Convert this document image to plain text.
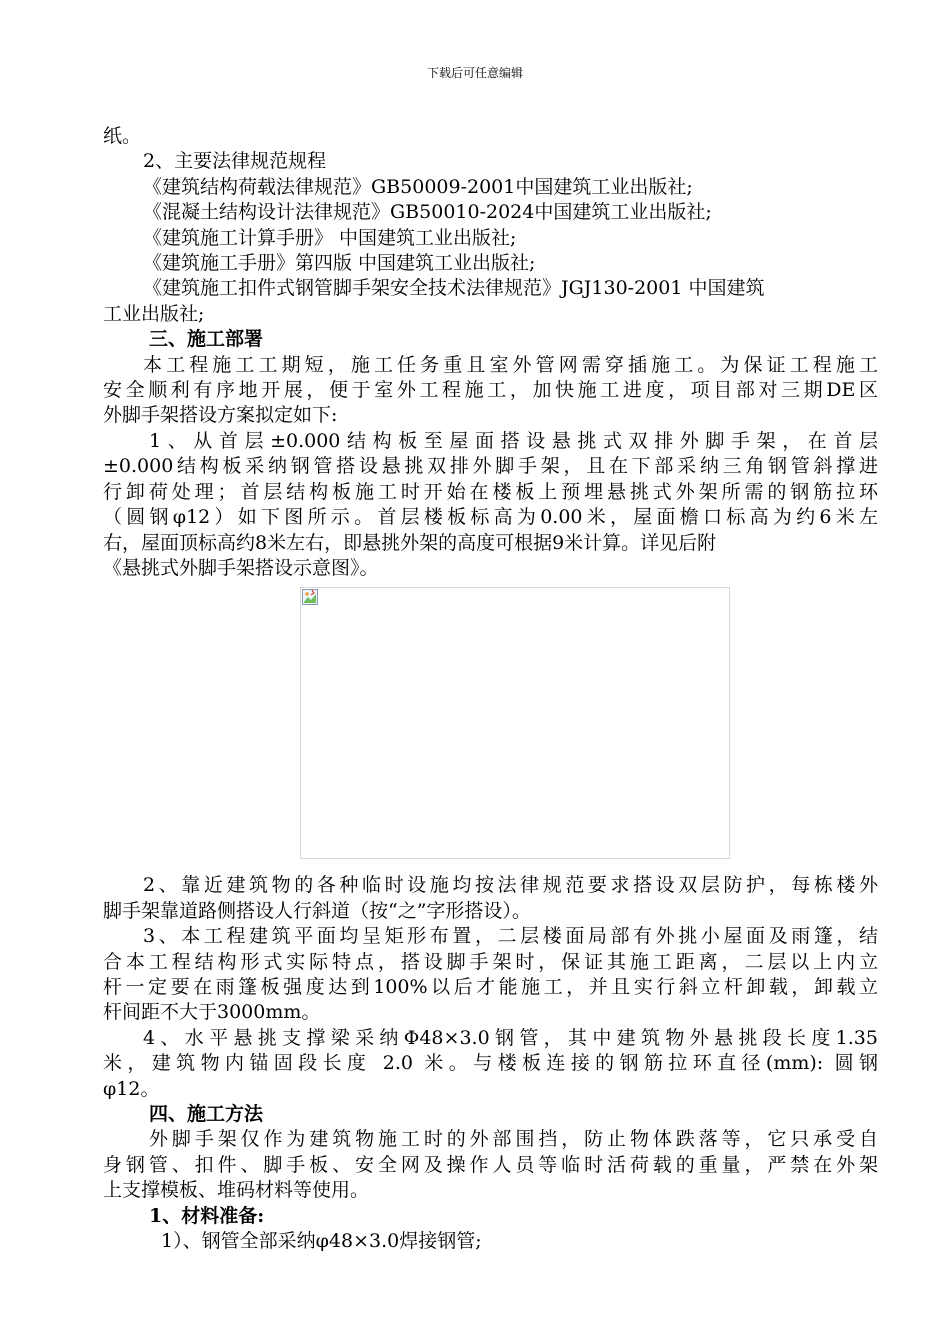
下载后可任意编辑

纸。

2、主要法律规范规程

《建筑结构荷载法律规范》GB50009-2001中国建筑工业出版社;

《混凝土结构设计法律规范》GB50010-2024中国建筑工业出版社;

《建筑施工计算手册》 中国建筑工业出版社;

《建筑施工手册》第四版 中国建筑工业出版社;

《建筑施工扣件式钢管脚手架安全技术法律规范》JGJ130-2001 中国建筑

工业出版社;

三、施工部署

本工程施工工期短，施工任务重且室外管网需穿插施工。为保证工程施工

安全顺利有序地开展，便于室外工程施工，加快施工进度，项目部对三期DE区

外脚手架搭设方案拟定如下:

1、从首层±0.000结构板至屋面搭设悬挑式双排外脚手架，在首层

±0.000结构板采纳钢管搭设悬挑双排外脚手架，且在下部采纳三角钢管斜撑进

行卸荷处理；首层结构板施工时开始在楼板上预埋悬挑式外架所需的钢筋拉环

（圆钢φ12）如下图所示。首层楼板标高为0.00米，屋面檐口标高为约6米左

右，屋面顶标高约8米左右，即悬挑外架的高度可根据9米计算。详见后附

《悬挑式外脚手架搭设示意图》。

2、靠近建筑物的各种临时设施均按法律规范要求搭设双层防护，每栋楼外

脚手架靠道路侧搭设人行斜道（按“之”字形搭设）。

3、本工程建筑平面均呈矩形布置，二层楼面局部有外挑小屋面及雨篷，结

合本工程结构形式实际特点，搭设脚手架时，保证其施工距离，二层以上内立

杆一定要在雨篷板强度达到100%以后才能施工，并且实行斜立杆卸载，卸载立

杆间距不大于3000mm。

4、水平悬挑支撑梁采纳Φ48×3.0钢管，其中建筑物外悬挑段长度1.35

米，建筑物内锚固段长度 2.0 米。与楼板连接的钢筋拉环直径(mm): 圆钢

φ12。

四、施工方法

外脚手架仅作为建筑物施工时的外部围挡，防止物体跌落等，它只承受自

身钢管、扣件、脚手板、安全网及操作人员等临时活荷载的重量，严禁在外架

上支撑模板、堆码材料等使用。

1、材料准备:

1）、钢管全部采纳φ48×3.0焊接钢管;
